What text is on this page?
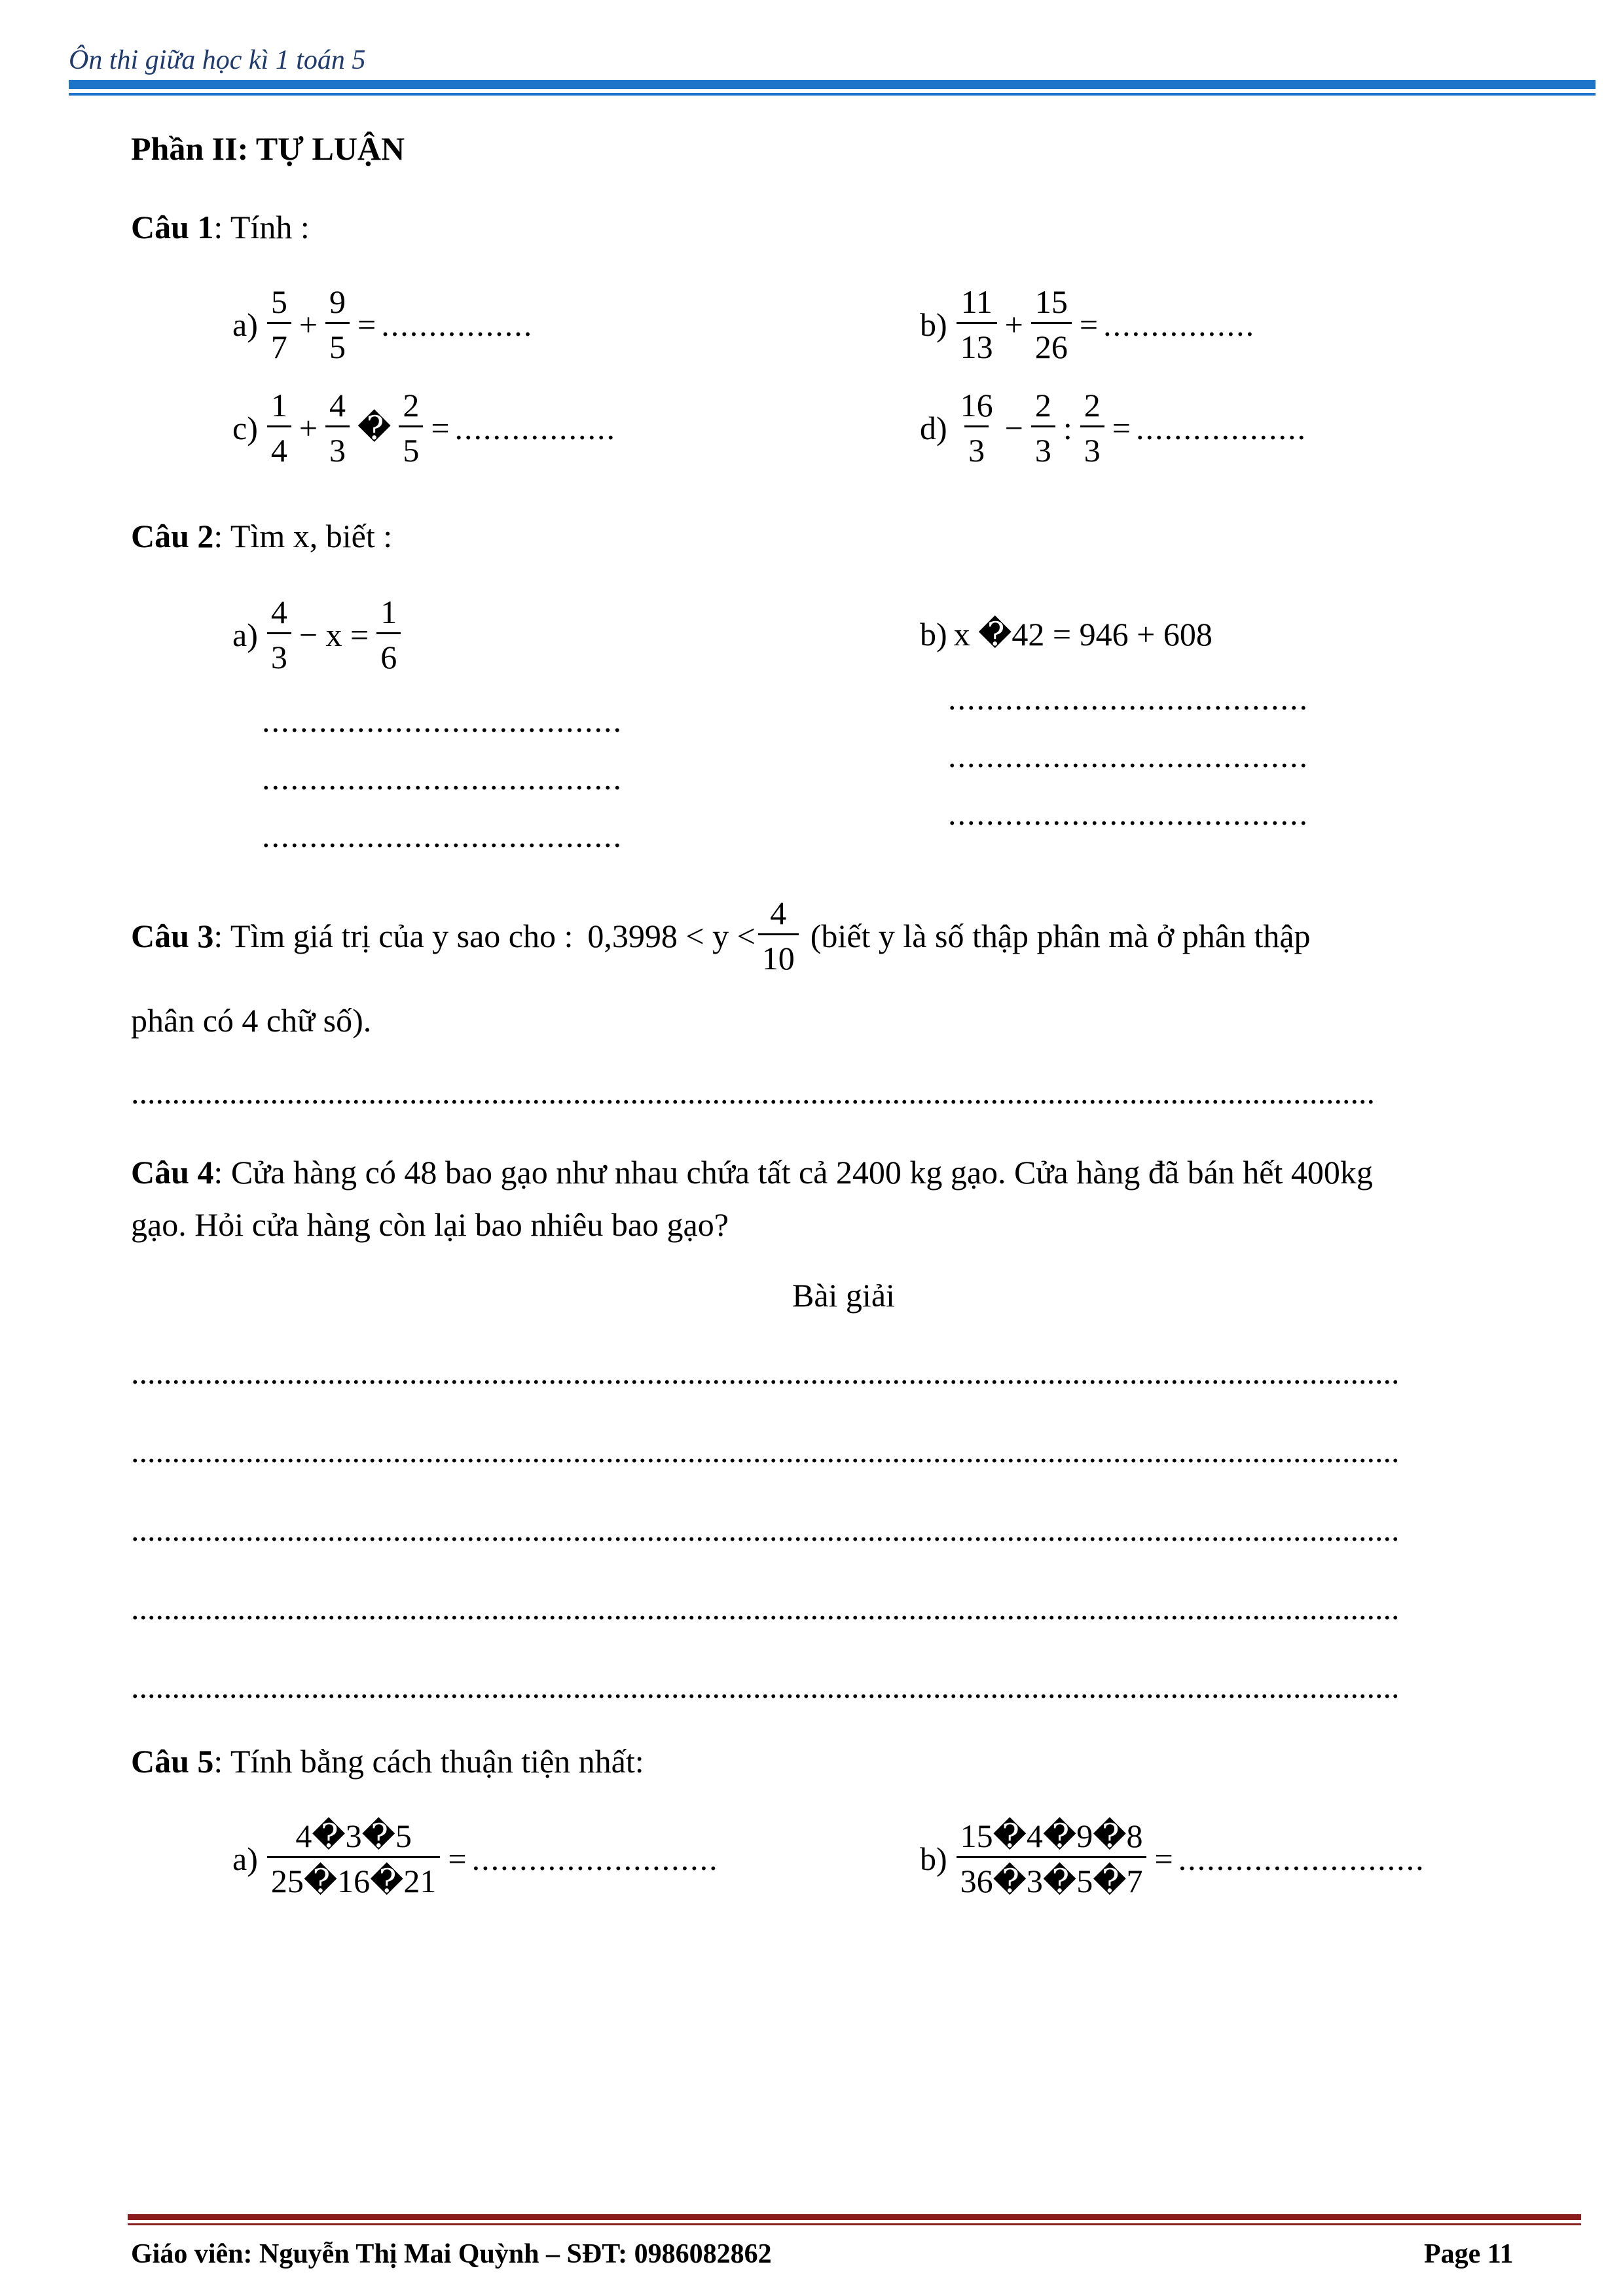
Ôn thi giữa học kì 1 toán 5
Phần II: TỰ LUẬN
Câu 1: Tính :
$a) \frac{5}{7} + \frac{9}{5}$ = ................	$b) \frac{11}{13} + \frac{15}{26}$ = ................
$c) \frac{1}{4} + \frac{4}{3}$ � $\frac{2}{5}$ = .................	$d) \frac{16}{3} - \frac{2}{3}$ : $\frac{2}{3}$ = ..................
Câu 2: Tìm x, biết :
$a) \frac{4}{3} - x = \frac{1}{6}$
......................................
......................................
......................................
b) x �42 = 946 + 608
......................................
......................................
......................................
Câu 3 : Tìm giá trị của y sao cho : $0,3998 < y < \frac{4}{10}$ (biết y là số thập phân mà ở phân thập
phân có 4 chữ số).
........................................................................................................................................................
Câu 4: Cửa hàng có 48 bao gạo như nhau chứa tất cả 2400 kg gạo. Cửa hàng đã bán hết 400kg
gạo. Hỏi cửa hàng còn lại bao nhiêu bao gạo?
Bài giải
...........................................................................................................................................................
...........................................................................................................................................................
...........................................................................................................................................................
...........................................................................................................................................................
...........................................................................................................................................................
Câu 5: Tính bằng cách thuận tiện nhất:
$a) \frac{4�3�5}{25�16�21}$ = ..........................	$b) \frac{15�4�9�8}{36�3�5�7}$ = ..........................
Giáo viên: Nguyễn Thị Mai Quỳnh – SĐT: 0986082862	Page 11
